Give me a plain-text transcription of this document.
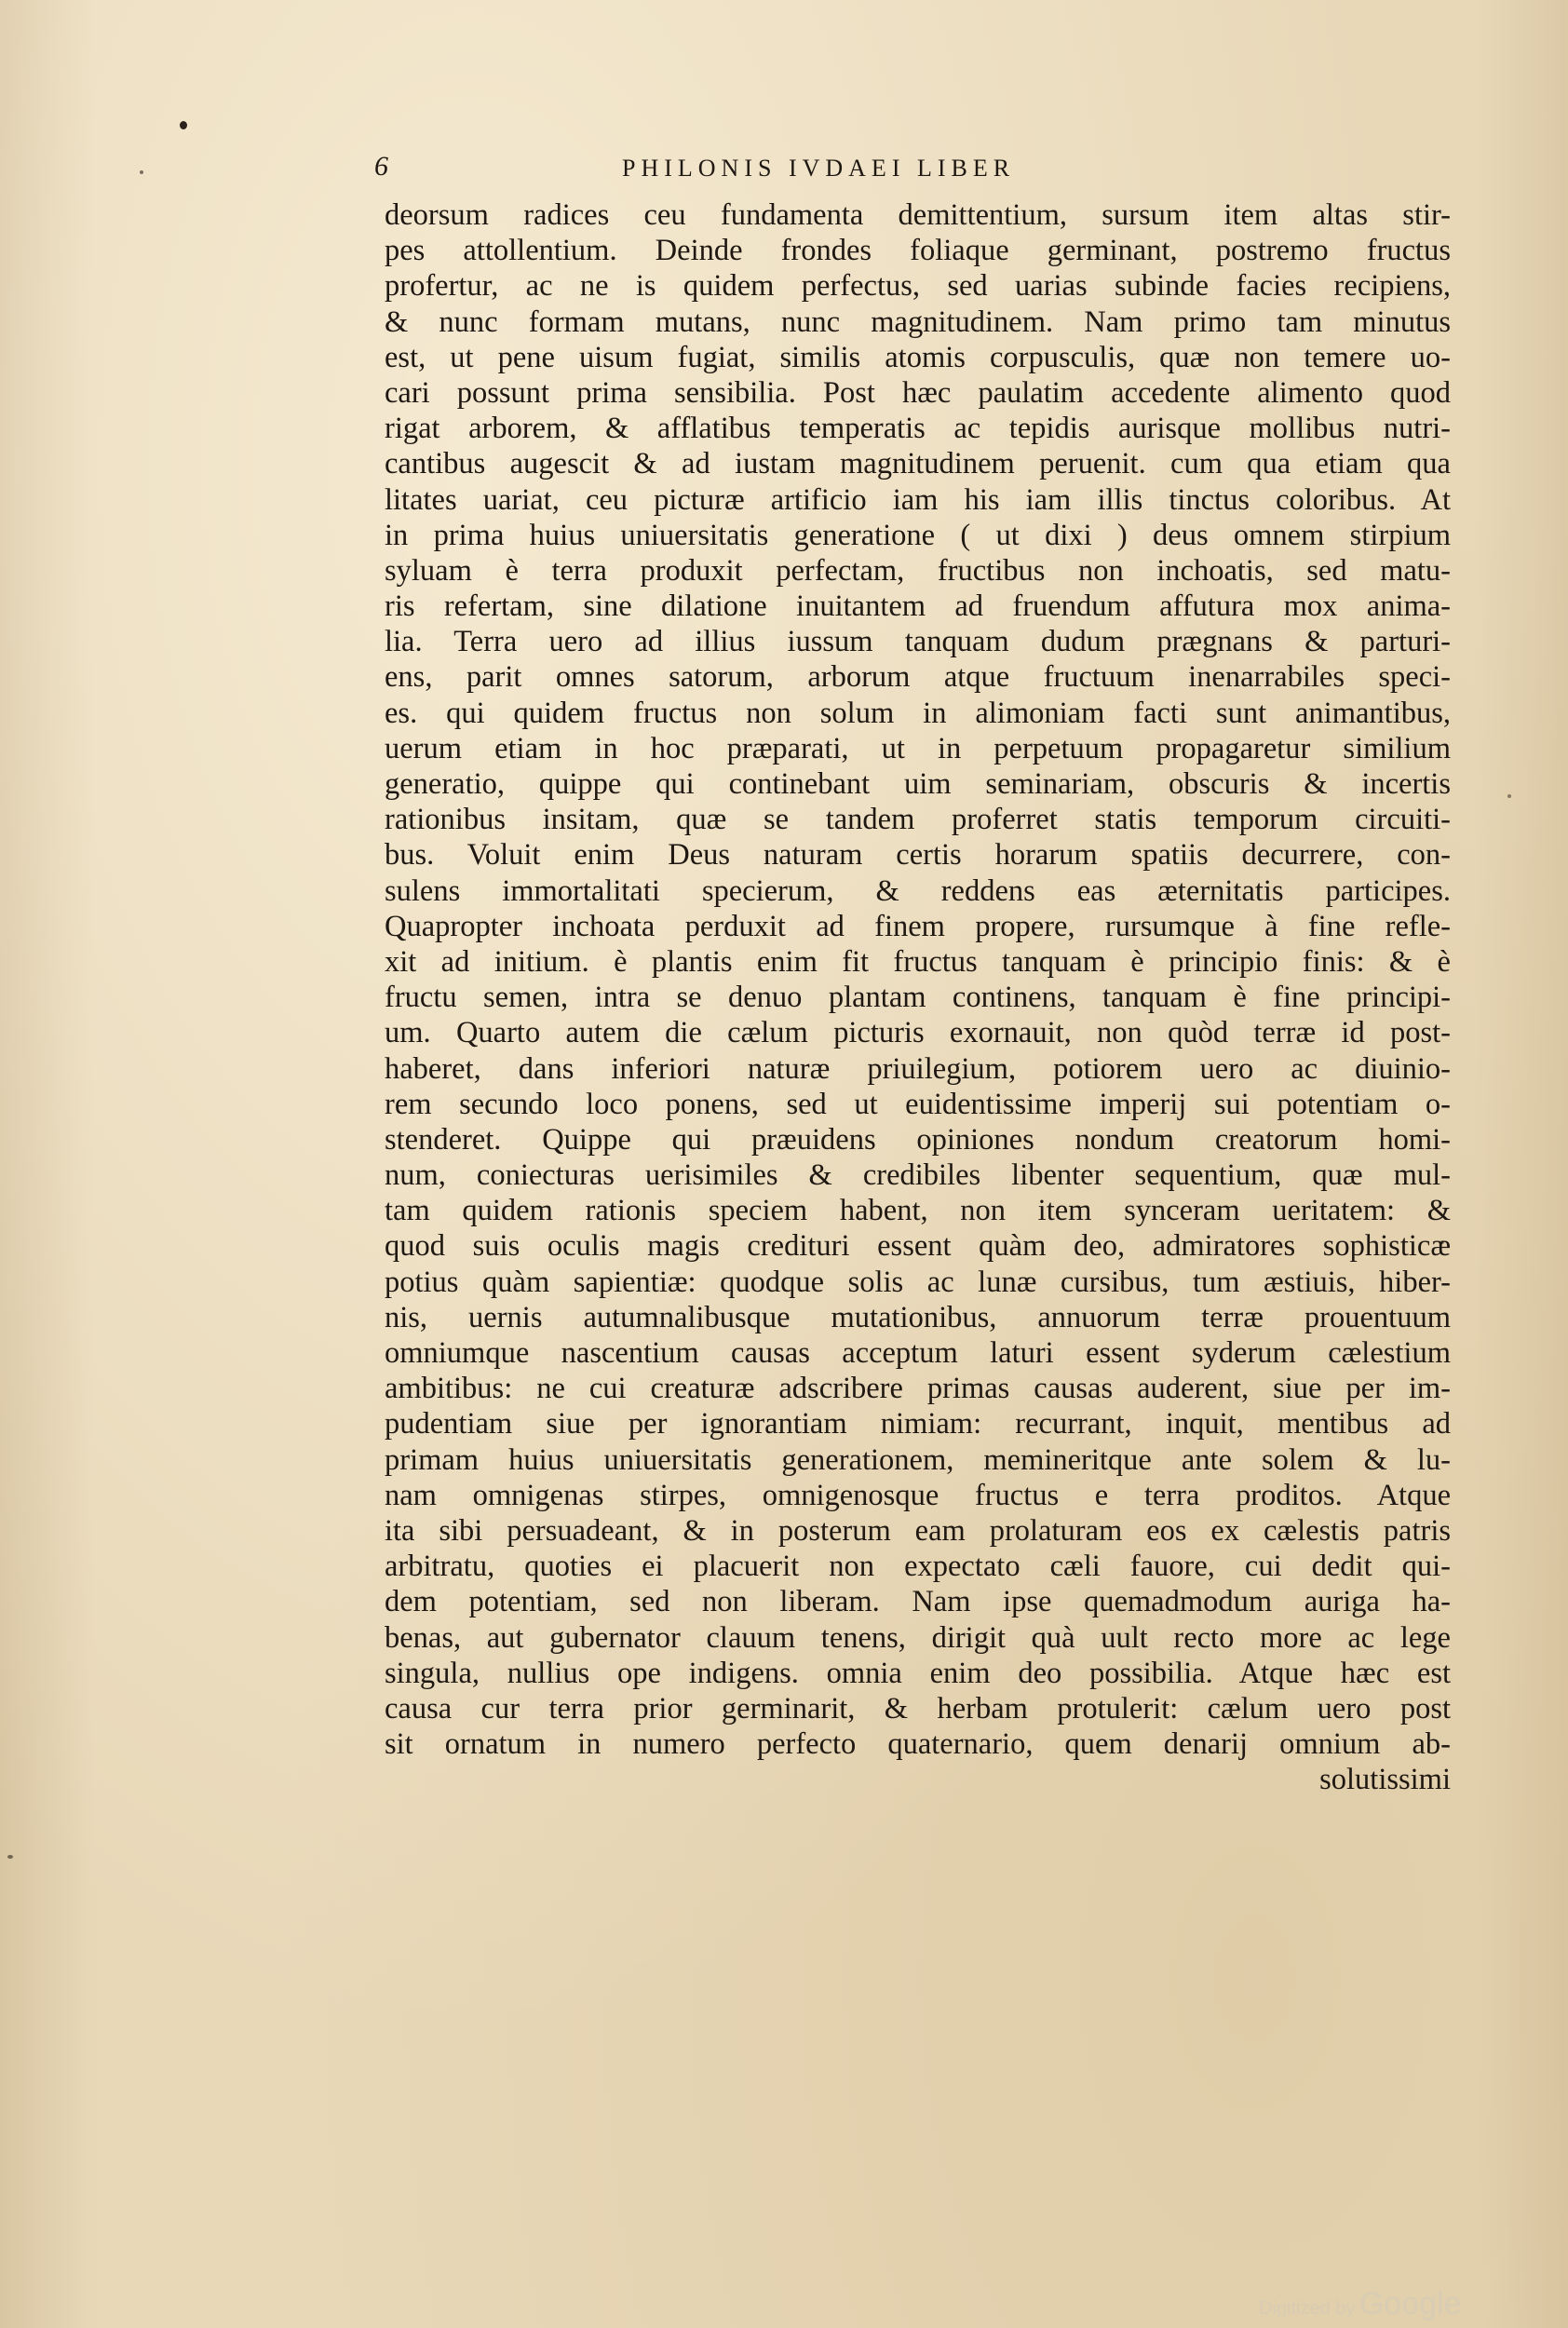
6	PHILONIS IVDAEI LIBER
deorsum radices ceu fundamenta demittentium, sursum item altas stir-
pes attollentium. Deinde frondes foliaque germinant, postremo fructus
profertur, ac ne is quidem perfectus, sed uarias subinde facies recipiens,
& nunc formam mutans, nunc magnitudinem. Nam primo tam minutus
est, ut pene uisum fugiat, similis atomis corpusculis, quæ non temere uo-
cari possunt prima sensibilia. Post hæc paulatim accedente alimento quod
rigat arborem, & afflatibus temperatis ac tepidis aurisque mollibus nutri-
cantibus augescit & ad iustam magnitudinem peruenit. cum qua etiam qua
litates uariat, ceu picturæ artificio iam his iam illis tinctus coloribus. At
in prima huius uniuersitatis generatione ( ut dixi ) deus omnem stirpium
syluam è terra produxit perfectam, fructibus non inchoatis, sed matu-
ris refertam, sine dilatione inuitantem ad fruendum affutura mox anima-
lia. Terra uero ad illius iussum tanquam dudum prægnans & parturi-
ens, parit omnes satorum, arborum atque fructuum inenarrabiles speci-
es. qui quidem fructus non solum in alimoniam facti sunt animantibus,
uerum etiam in hoc præparati, ut in perpetuum propagaretur similium
generatio, quippe qui continebant uim seminariam, obscuris & incertis
rationibus insitam, quæ se tandem proferret statis temporum circuiti-
bus. Voluit enim Deus naturam certis horarum spatiis decurrere, con-
sulens immortalitati specierum, & reddens eas æternitatis participes.
Quapropter inchoata perduxit ad finem propere, rursumque à fine refle-
xit ad initium. è plantis enim fit fructus tanquam è principio finis: & è
fructu semen, intra se denuo plantam continens, tanquam è fine principi-
um. Quarto autem die cælum picturis exornauit, non quòd terræ id post-
haberet, dans inferiori naturæ priuilegium, potiorem uero ac diuinio-
rem secundo loco ponens, sed ut euidentissime imperij sui potentiam o-
stenderet. Quippe qui præuidens opiniones nondum creatorum homi-
num, coniecturas uerisimiles & credibiles libenter sequentium, quæ mul-
tam quidem rationis speciem habent, non item synceram ueritatem: &
quod suis oculis magis credituri essent quàm deo, admiratores sophisticæ
potius quàm sapientiæ: quodque solis ac lunæ cursibus, tum æstiuis, hiber-
nis, uernis autumnalibusque mutationibus, annuorum terræ prouentuum
omniumque nascentium causas acceptum laturi essent syderum cælestium
ambitibus: ne cui creaturæ adscribere primas causas auderent, siue per im-
pudentiam siue per ignorantiam nimiam: recurrant, inquit, mentibus ad
primam huius uniuersitatis generationem, memineritque ante solem & lu-
nam omnigenas stirpes, omnigenosque fructus e terra proditos. Atque
ita sibi persuadeant, & in posterum eam prolaturam eos ex cælestis patris
arbitratu, quoties ei placuerit non expectato cæli fauore, cui dedit qui-
dem potentiam, sed non liberam. Nam ipse quemadmodum auriga ha-
benas, aut gubernator clauum tenens, dirigit quà uult recto more ac lege
singula, nullius ope indigens. omnia enim deo possibilia. Atque hæc est
causa cur terra prior germinarit, & herbam protulerit: cælum uero post
sit ornatum in numero perfecto quaternario, quem denarij omnium ab-
solutissimi
Digitized by Google
